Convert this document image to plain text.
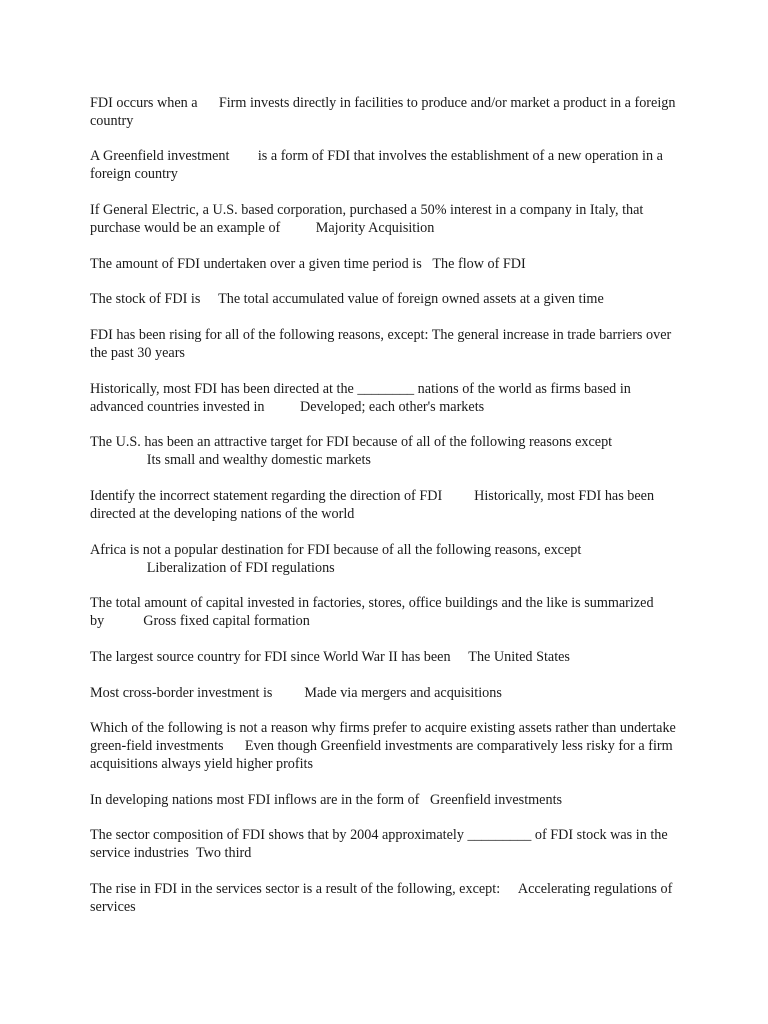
FDI occurs when a      Firm invests directly in facilities to produce and/or market a product in a foreign country

A Greenfield investment        is a form of FDI that involves the establishment of a new operation in a foreign country

If General Electric, a U.S. based corporation, purchased a 50% interest in a company in Italy, that purchase would be an example of          Majority Acquisition

The amount of FDI undertaken over a given time period is   The flow of FDI

The stock of FDI is     The total accumulated value of foreign owned assets at a given time

FDI has been rising for all of the following reasons, except: The general increase in trade barriers over the past 30 years

Historically, most FDI has been directed at the ________ nations of the world as firms based in advanced countries invested in          Developed; each other's markets

The U.S. has been an attractive target for FDI because of all of the following reasons except
Its small and wealthy domestic markets

Identify the incorrect statement regarding the direction of FDI         Historically, most FDI has been directed at the developing nations of the world

Africa is not a popular destination for FDI because of all the following reasons, except
Liberalization of FDI regulations

The total amount of capital invested in factories, stores, office buildings and the like is summarized by           Gross fixed capital formation

The largest source country for FDI since World War II has been     The United States

Most cross-border investment is         Made via mergers and acquisitions

Which of the following is not a reason why firms prefer to acquire existing assets rather than undertake green-field investments      Even though Greenfield investments are comparatively less risky for a firm acquisitions always yield higher profits

In developing nations most FDI inflows are in the form of   Greenfield investments

The sector composition of FDI shows that by 2004 approximately _________ of FDI stock was in the service industries  Two third

The rise in FDI in the services sector is a result of the following, except:     Accelerating regulations of services
